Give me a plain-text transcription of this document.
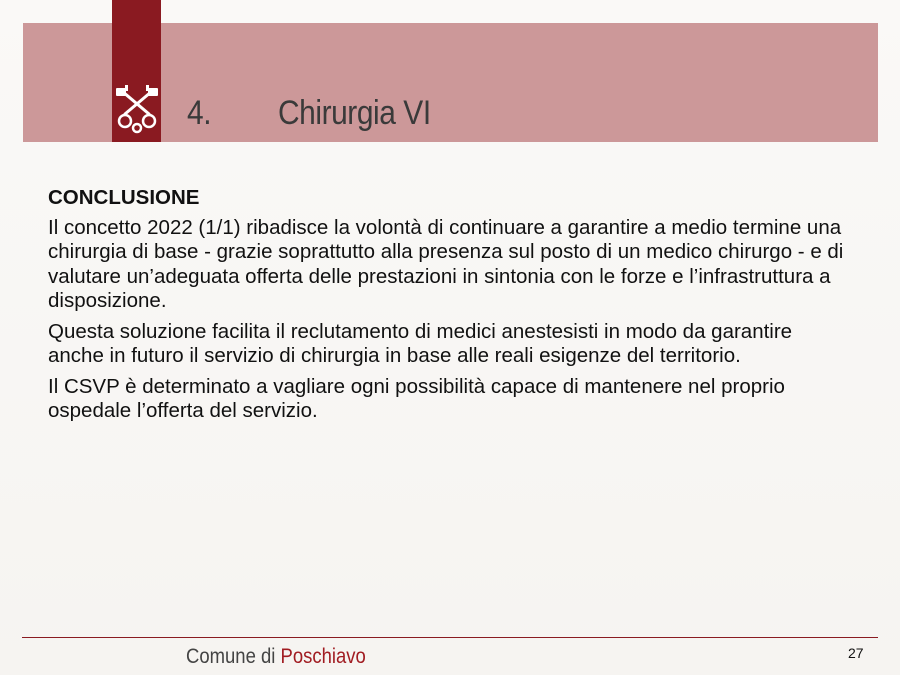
4. Chirurgia VI
CONCLUSIONE

Il concetto 2022 (1/1) ribadisce la volontà di continuare a garantire a medio termine una chirurgia di base - grazie soprattutto alla presenza sul posto di un medico chirurgo - e di valutare un’adeguata offerta delle prestazioni in sintonia con le forze e l’infrastruttura a disposizione.

Questa soluzione facilita il reclutamento di medici anestesisti in modo da garantire anche in futuro il servizio di chirurgia in base alle reali esigenze del territorio.

Il CSVP è determinato a vagliare ogni possibilità capace di mantenere nel proprio ospedale l’offerta del servizio.

Comune di Poschiavo	27
